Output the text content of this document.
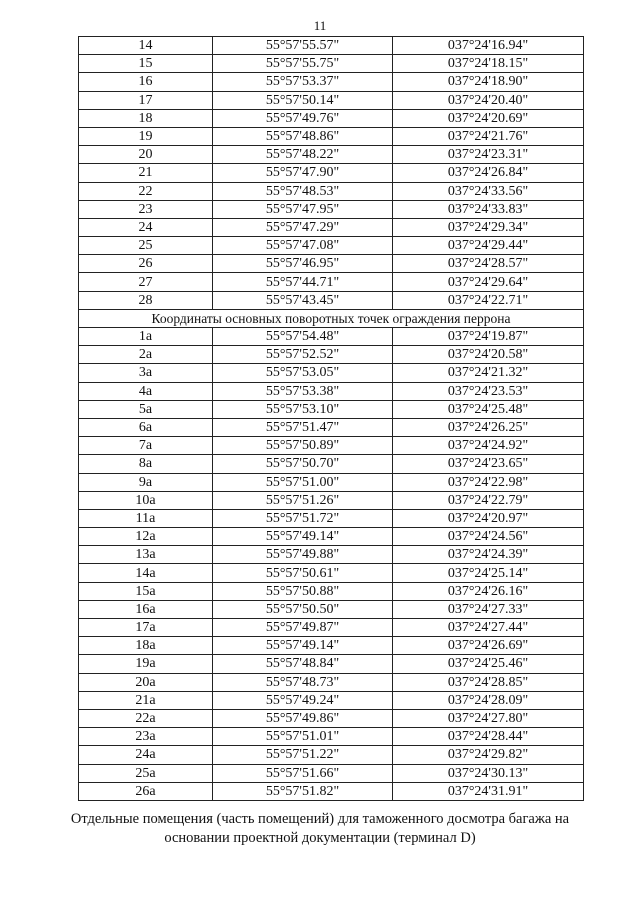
11
14	55°57'55.57"	037°24'16.94"
15	55°57'55.75"	037°24'18.15"
16	55°57'53.37"	037°24'18.90"
17	55°57'50.14"	037°24'20.40"
18	55°57'49.76"	037°24'20.69"
19	55°57'48.86"	037°24'21.76"
20	55°57'48.22"	037°24'23.31"
21	55°57'47.90"	037°24'26.84"
22	55°57'48.53"	037°24'33.56"
23	55°57'47.95"	037°24'33.83"
24	55°57'47.29"	037°24'29.34"
25	55°57'47.08"	037°24'29.44"
26	55°57'46.95"	037°24'28.57"
27	55°57'44.71"	037°24'29.64"
28	55°57'43.45"	037°24'22.71"
Координаты основных поворотных точек ограждения перрона		
1a	55°57'54.48"	037°24'19.87"
2a	55°57'52.52"	037°24'20.58"
3a	55°57'53.05"	037°24'21.32"
4a	55°57'53.38"	037°24'23.53"
5a	55°57'53.10"	037°24'25.48"
6a	55°57'51.47"	037°24'26.25"
7a	55°57'50.89"	037°24'24.92"
8a	55°57'50.70"	037°24'23.65"
9a	55°57'51.00"	037°24'22.98"
10a	55°57'51.26"	037°24'22.79"
11a	55°57'51.72"	037°24'20.97"
12a	55°57'49.14"	037°24'24.56"
13a	55°57'49.88"	037°24'24.39"
14a	55°57'50.61"	037°24'25.14"
15a	55°57'50.88"	037°24'26.16"
16a	55°57'50.50"	037°24'27.33"
17a	55°57'49.87"	037°24'27.44"
18a	55°57'49.14"	037°24'26.69"
19a	55°57'48.84"	037°24'25.46"
20a	55°57'48.73"	037°24'28.85"
21a	55°57'49.24"	037°24'28.09"
22a	55°57'49.86"	037°24'27.80"
23a	55°57'51.01"	037°24'28.44"
24a	55°57'51.22"	037°24'29.82"
25a	55°57'51.66"	037°24'30.13"
26a	55°57'51.82"	037°24'31.91"
Отдельные помещения (часть помещений) для таможенного досмотра багажа на
основании проектной документации (терминал D)
